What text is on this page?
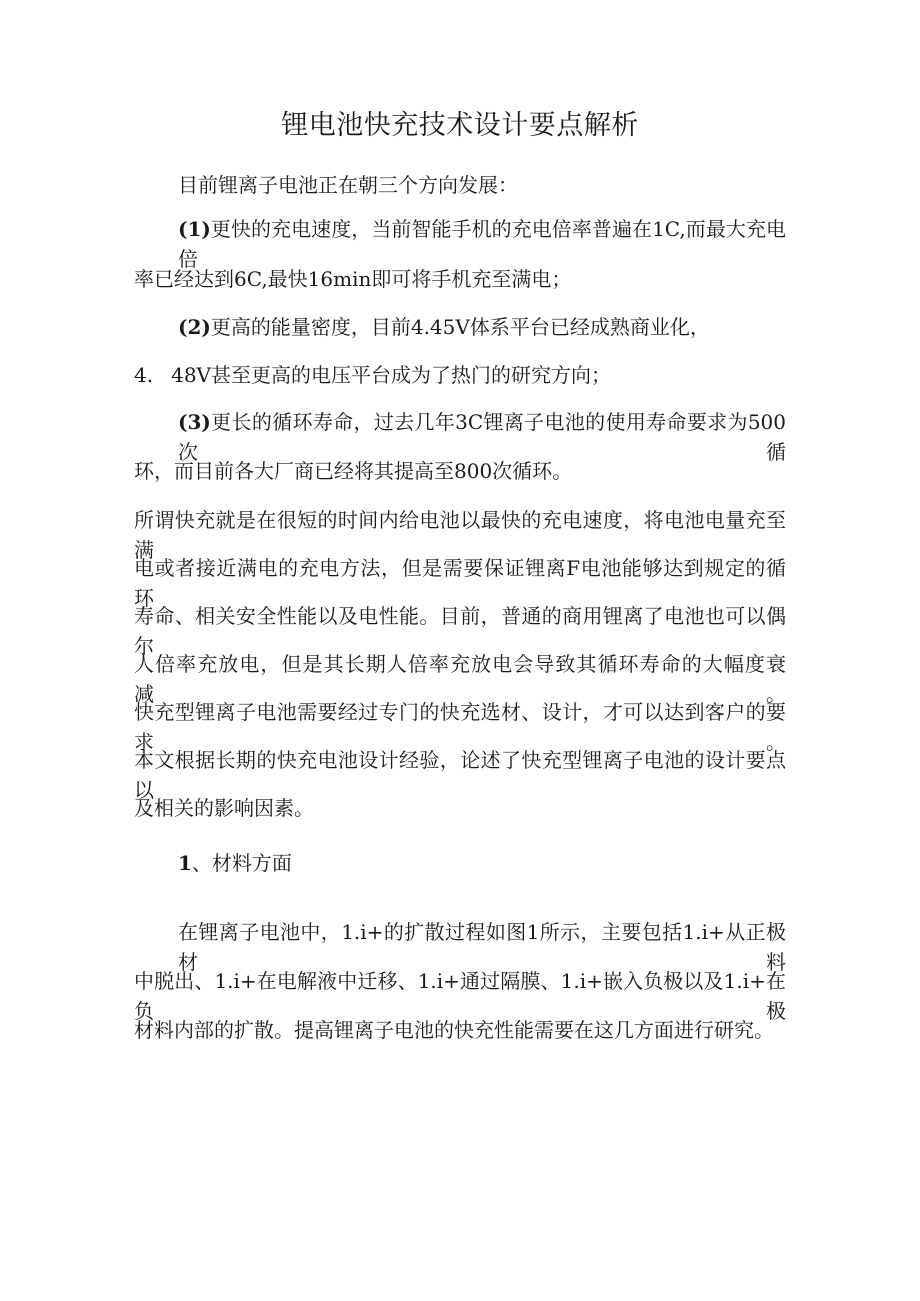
锂电池快充技术设计要点解析
目前锂离子电池正在朝三个方向发展：
(1)更快的充电速度，当前智能手机的充电倍率普遍在1C,而最大充电倍
率已经达到6C,最快16min即可将手机充至满电；
(2)更高的能量密度，目前4.45V体系平台已经成熟商业化，
4. 48V甚至更高的电压平台成为了热门的研究方向；
(3)更长的循环寿命，过去几年3C锂离子电池的使用寿命要求为500次循
环，而目前各大厂商已经将其提高至800次循环。
所谓快充就是在很短的时间内给电池以最快的充电速度，将电池电量充至满
电或者接近满电的充电方法，但是需要保证锂离F电池能够达到规定的循环
寿命、相关安全性能以及电性能。目前，普通的商用锂离了电池也可以偶尔
人倍率充放电，但是其长期人倍率充放电会导致其循环寿命的大幅度衰减。
快充型锂离子电池需要经过专门的快充选材、设计，才可以达到客户的要求。
本文根据长期的快充电池设计经验，论述了快充型锂离子电池的设计要点以
及相关的影响因素。
1、材料方面
在锂离子电池中，1.i+的扩散过程如图1所示，主要包括1.i+从正极材料
中脱出、1.i+在电解液中迁移、1.i+通过隔膜、1.i+嵌入负极以及1.i+在负极
材料内部的扩散。提高锂离子电池的快充性能需要在这几方面进行研究。
